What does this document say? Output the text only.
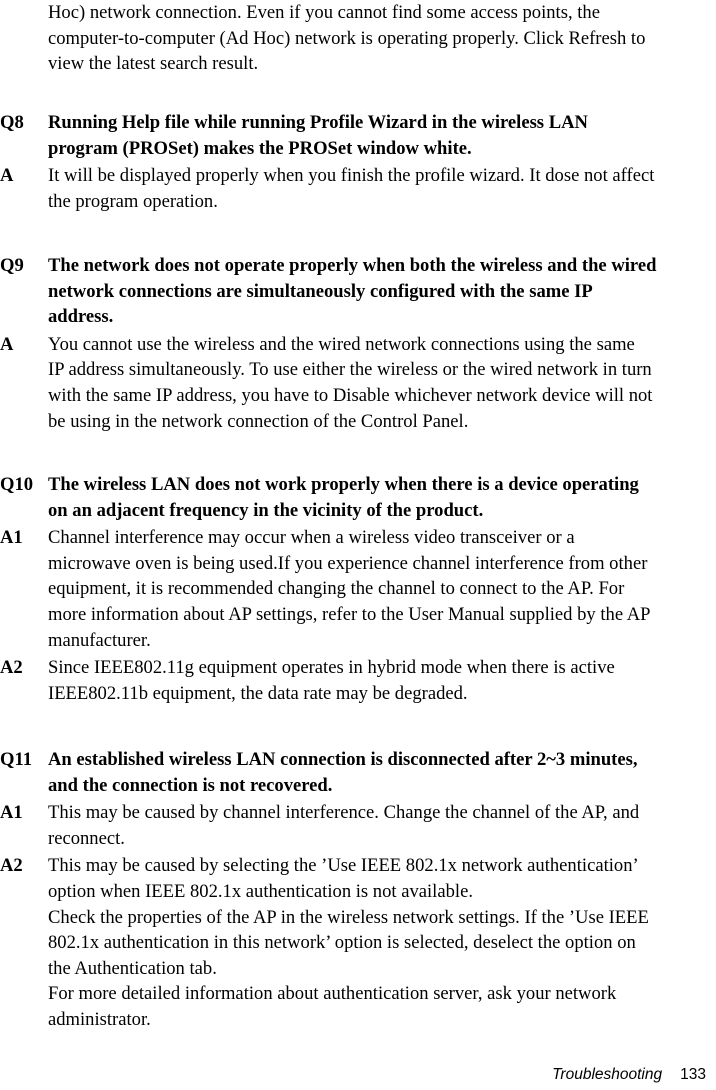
Hoc) network connection. Even if you cannot find some access points, the
computer-to-computer (Ad Hoc) network is operating properly. Click Refresh to
view the latest search result.
Q8	Running Help file while running Profile Wizard in the wireless LAN
program (PROSet) makes the PROSet window white.
A	It will be displayed properly when you finish the profile wizard. It dose not affect
the program operation.
Q9	The network does not operate properly when both the wireless and the wired
network connections are simultaneously configured with the same IP
address.
A	You cannot use the wireless and the wired network connections using the same
IP address simultaneously. To use either the wireless or the wired network in turn
with the same IP address, you have to Disable whichever network device will not
be using in the network connection of the Control Panel.
Q10 The wireless LAN does not work properly when there is a device operating
on an adjacent frequency in the vicinity of the product.
A1	Channel interference may occur when a wireless video transceiver or a
microwave oven is being used.If you experience channel interference from other
equipment, it is recommended changing the channel to connect to the AP. For
more information about AP settings, refer to the User Manual supplied by the AP
manufacturer.
A2	Since IEEE802.11g equipment operates in hybrid mode when there is active
IEEE802.11b equipment, the data rate may be degraded.
Q11 An established wireless LAN connection is disconnected after 2~3 minutes,
and the connection is not recovered.
A1	This may be caused by channel interference. Change the channel of the AP, and
reconnect.
A2	This may be caused by selecting the ’Use IEEE 802.1x network authentication’
option when IEEE 802.1x authentication is not available.
Check the properties of the AP in the wireless network settings. If the ’Use IEEE
802.1x authentication in this network’ option is selected, deselect the option on
the Authentication tab.
For more detailed information about authentication server, ask your network
administrator.
Troubleshooting 133
